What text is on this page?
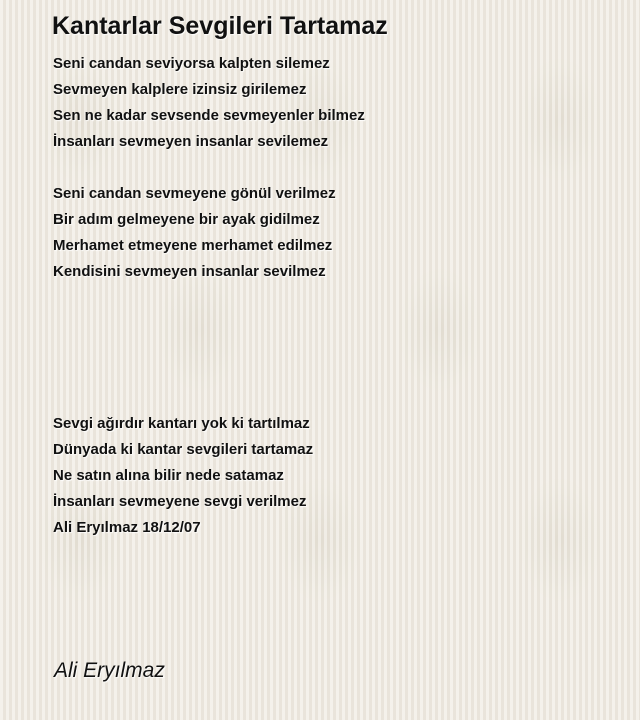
Kantarlar Sevgileri Tartamaz
Seni candan seviyorsa kalpten silemez
Sevmeyen kalplere izinsiz girilemez
Sen ne kadar sevsende sevmeyenler bilmez
İnsanları sevmeyen insanlar sevilemez
Seni candan sevmeyene gönül verilmez
Bir adım gelmeyene bir ayak gidilmez
Merhamet etmeyene merhamet edilmez
Kendisini sevmeyen insanlar sevilmez
Sevgi ağırdır kantarı yok ki tartılmaz
Dünyada ki kantar sevgileri tartamaz
Ne satın alına bilir nede satamaz
İnsanları sevmeyene sevgi verilmez
Ali Eryılmaz 18/12/07

Ali Eryılmaz
